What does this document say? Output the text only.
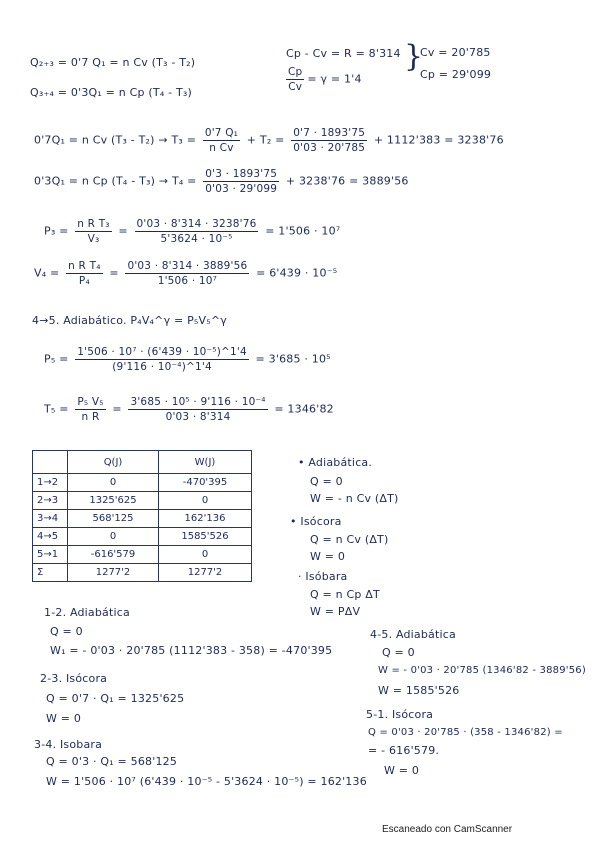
Q₂₊₃ = 0'7 Q₁ = n Cv (T₃ - T₂)
Q₃₊₄ = 0'3Q₁ = n Cp (T₄ - T₃)
Cp - Cv = R = 8'314
$\frac{Cp}{Cv} = \gamma = 1'4$
}
Cv = 20'785
Cp = 29'099
0'7Q₁ = n Cv $(T_3 - T_2) \to T_3 = \frac{\text{0'7 Q₁}}{\text{n Cv}} + T_2 = \frac{0'7 \cdot 1893'75}{0'03 \cdot 20'785} + 1112'383 = 3238'76$
0'3Q₁ = n Cp $(T_4 - T_3) \to T_4 = \frac{0'3 \cdot 1893'75}{0'03 \cdot 29'099} + 3238'76 = 3889'56$
$P_3 = \frac{\text{n R T₃}}{\text{V₃}} = \frac{0'03 \cdot 8'314 \cdot 3238'76}{\text{5'3624 · 10⁻⁵}} = 1'506 \cdot 10^7$
$V_4 = \frac{\text{n R T₄}}{\text{P₄}} = \frac{0'03 \cdot 8'314 \cdot 3889'56}{\text{1'506 · 10⁷}} = 6'439 \cdot 10^{-5}$
4→5. Adiabático. P₄V₄^γ = P₅V₅^γ
$P_5 = \frac{\text{1'506 · 10⁷ · (6'439 · 10⁻⁵)\textasciicircum{}1'4}}{\text{(9'116 · 10⁻⁴)\textasciicircum{}1'4}} = 3'685 \cdot 10^5$
$T_5 = \frac{\text{P₅ V₅}}{\text{n R}} = \frac{\text{3'685 · 10⁵ · 9'116 · 10⁻⁴}}{0'03 \cdot 8'314} = 1346'82$
	Q(J)	W(J)
1→2	0	-470'395
2→3	1325'625	0
3→4	568'125	162'136
4→5	0	1585'526
5→1	-616'579	0
Σ	1277'2	1277'2
• Adiabática.
Q = 0
W = - n Cv (ΔT)
• Isócora
Q = n Cv (ΔT)
W = 0
· Isóbara
Q = n Cp ΔT
W = PΔV
1-2. Adiabática
Q = 0
W₁ = - 0'03 · 20'785 (1112'383 - 358) = -470'395
2-3. Isócora
Q = 0'7 · Q₁ = 1325'625
W = 0
3-4. Isobara
Q = 0'3 · Q₁ = 568'125
W = 1'506 · 10⁷ (6'439 · 10⁻⁵ - 5'3624 · 10⁻⁵) = 162'136
4-5. Adiabática
Q = 0
W = - 0'03 · 20'785 (1346'82 - 3889'56)
W = 1585'526
5-1. Isócora
Q = 0'03 · 20'785 · (358 - 1346'82) =
= - 616'579.
W = 0
Escaneado con CamScanner
